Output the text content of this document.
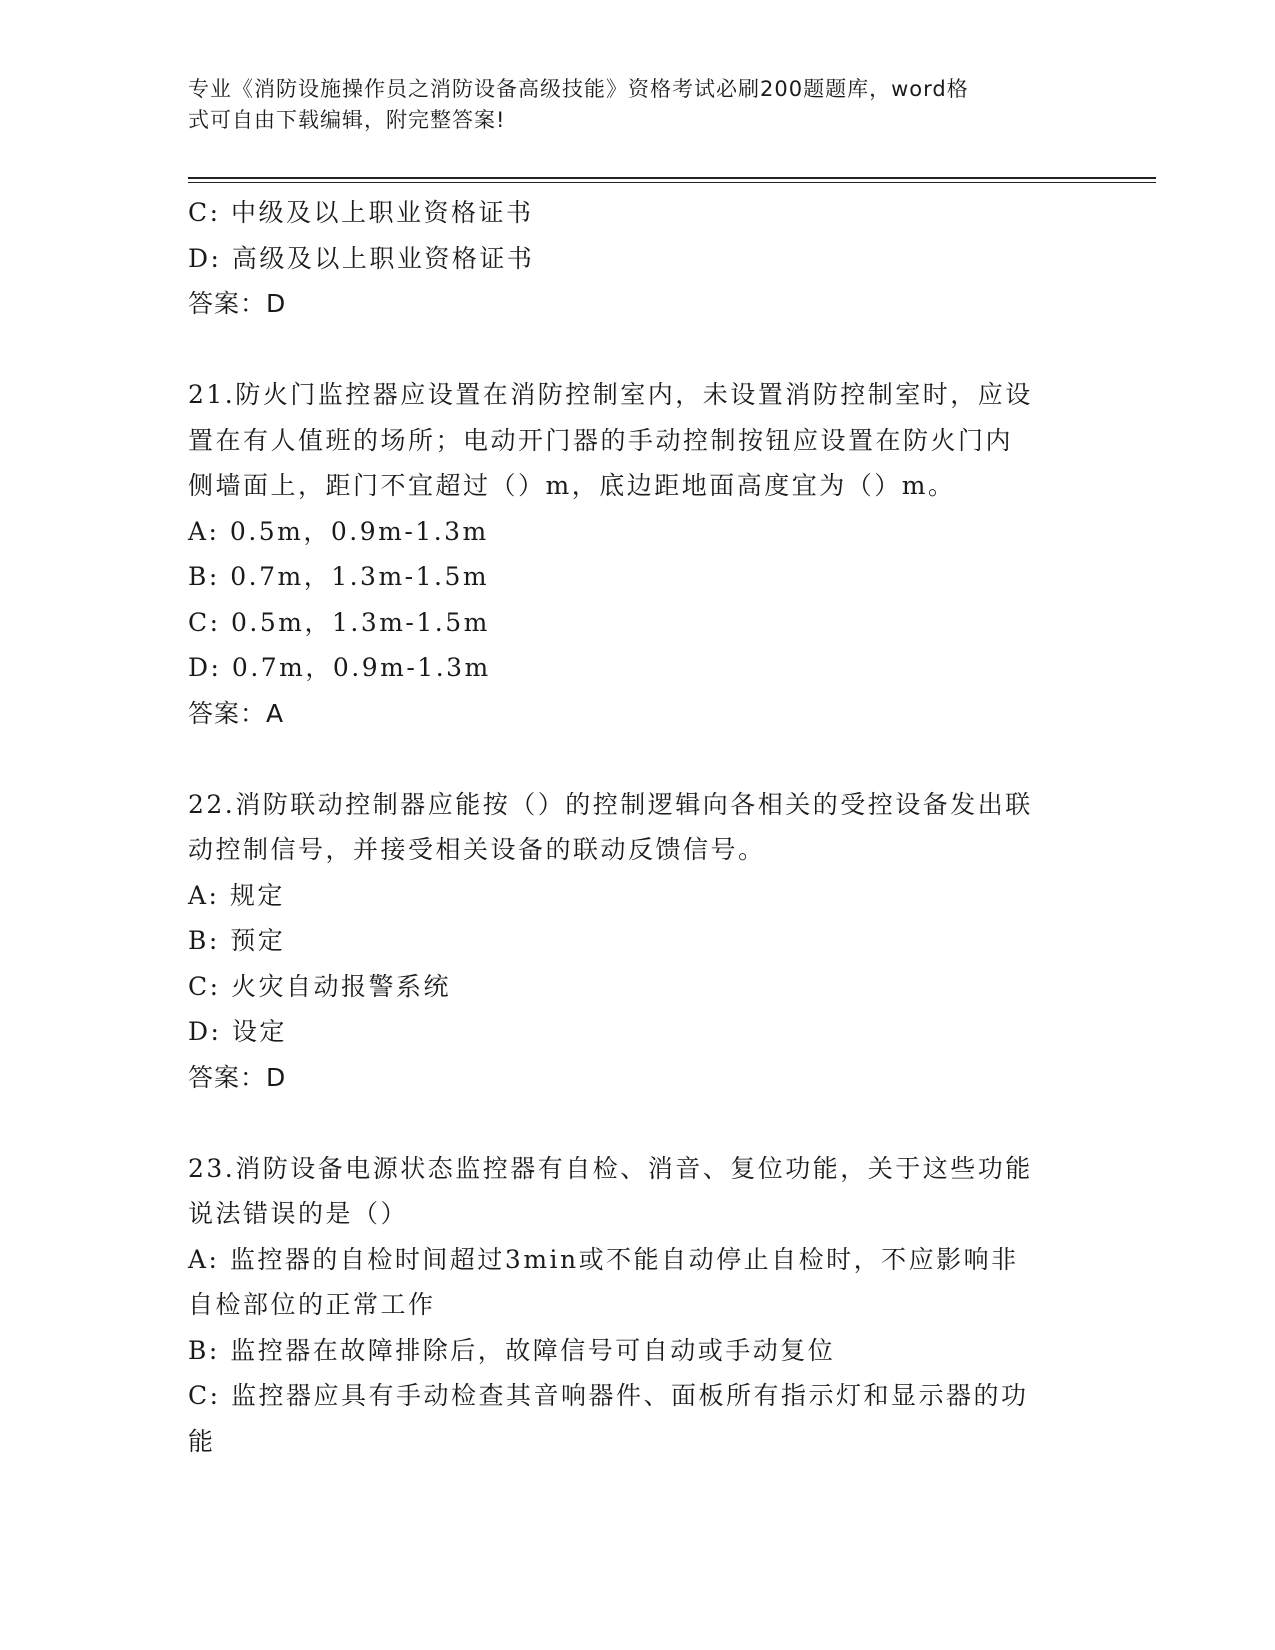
专业《消防设施操作员之消防设备高级技能》资格考试必刷200题题库，word格
式可自由下载编辑，附完整答案!
C: 中级及以上职业资格证书
D: 高级及以上职业资格证书
答案：D
21.防火门监控器应设置在消防控制室内，未设置消防控制室时，应设
置在有人值班的场所；电动开门器的手动控制按钮应设置在防火门内
侧墙面上，距门不宜超过（）m，底边距地面高度宜为（）m。
A: 0.5m，0.9m-1.3m
B: 0.7m，1.3m-1.5m
C: 0.5m，1.3m-1.5m
D: 0.7m，0.9m-1.3m
答案：A
22.消防联动控制器应能按（）的控制逻辑向各相关的受控设备发出联
动控制信号，并接受相关设备的联动反馈信号。
A: 规定
B: 预定
C: 火灾自动报警系统
D: 设定
答案：D
23.消防设备电源状态监控器有自检、消音、复位功能，关于这些功能
说法错误的是（）
A: 监控器的自检时间超过3min或不能自动停止自检时，不应影响非
自检部位的正常工作
B: 监控器在故障排除后，故障信号可自动或手动复位
C: 监控器应具有手动检查其音响器件、面板所有指示灯和显示器的功
能
